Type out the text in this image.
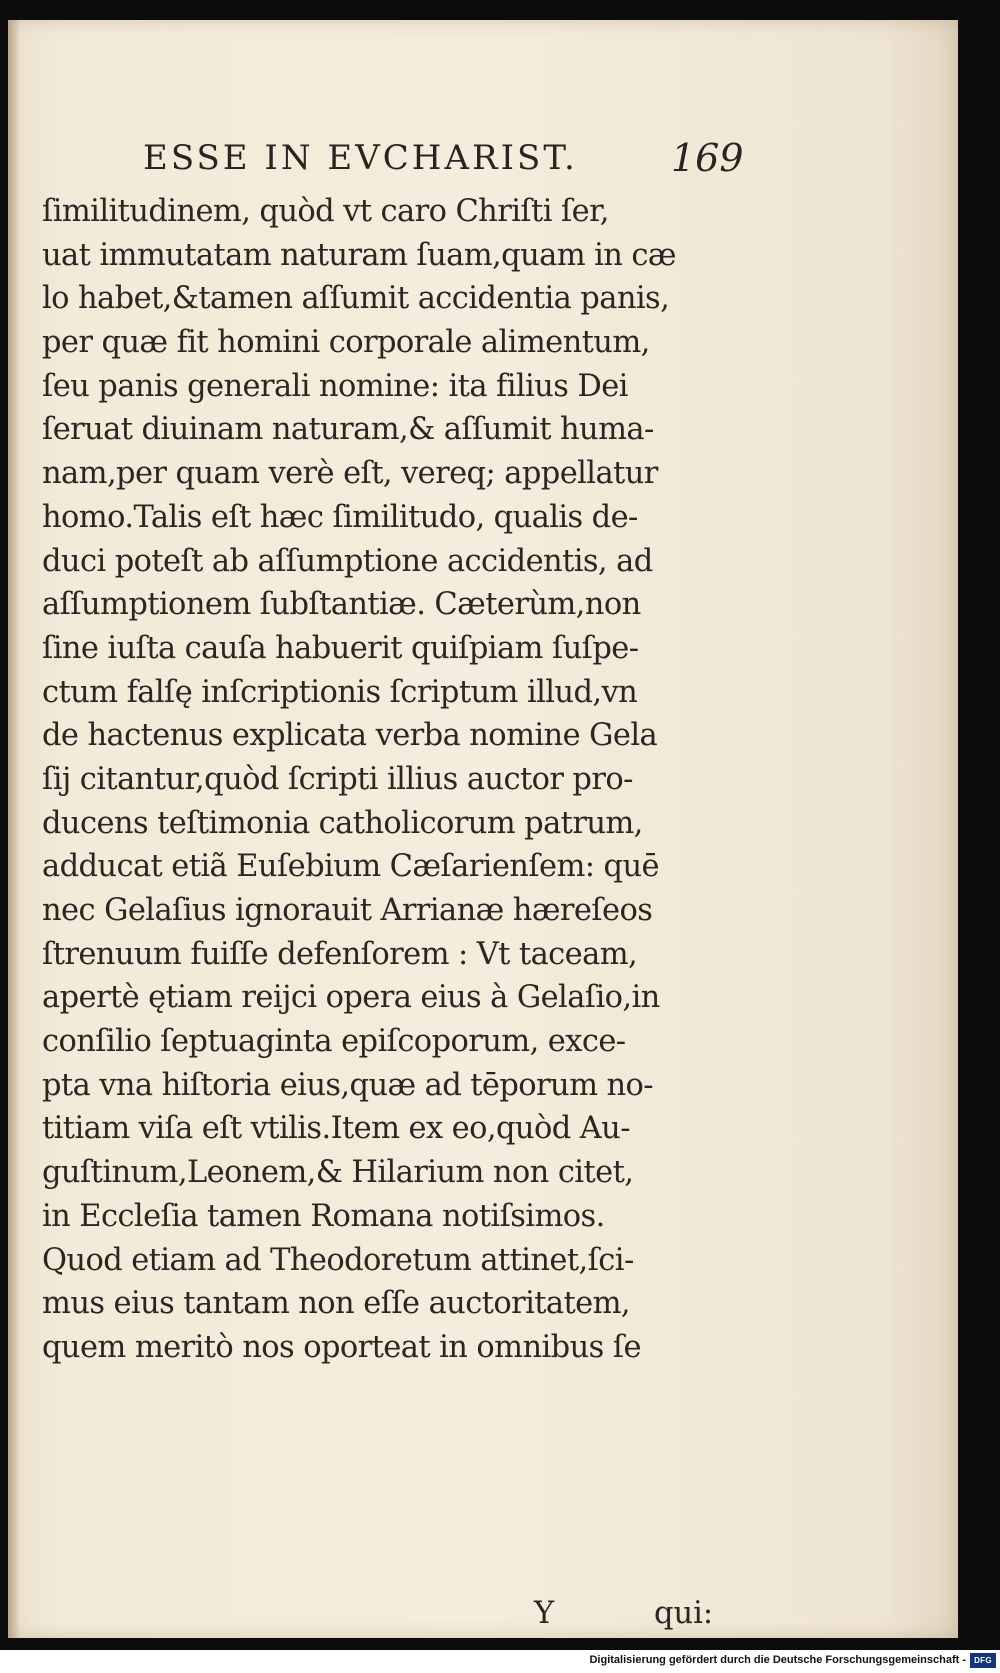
ESSE IN EVCHARIST. 169
ſimilitudinem, quòd vt caro Chriſti ſer,
uat immutatam naturam ſuam,quam in cæ
lo habet,&tamen aſſumit accidentia panis,
per quæ fit homini corporale alimentum,
ſeu panis generali nomine: ita filius Dei
ſeruat diuinam naturam,& aſſumit huma-
nam,per quam verè eſt, vereq; appellatur
homo.Talis eſt hæc ſimilitudo, qualis de-
duci poteſt ab aſſumptione accidentis, ad
aſſumptionem ſubſtantiæ. Cæterùm,non
ſine iuſta cauſa habuerit quiſpiam ſuſpe-
ctum falſę inſcriptionis ſcriptum illud,vn
de hactenus explicata verba nomine Gela
ſij citantur,quòd ſcripti illius auctor pro-
ducens teſtimonia catholicorum patrum,
adducat etiã Euſebium Cæſarienſem: quē
nec Gelaſius ignorauit Arrianæ hæreſeos
ſtrenuum fuiſſe defenſorem : Vt taceam,
apertè ętiam reijci opera eius à Gelaſio,in
conſilio ſeptuaginta epiſcoporum, exce-
pta vna hiſtoria eius,quæ ad tēporum no-
titiam viſa eſt vtilis.Item ex eo,quòd Au-
guſtinum,Leonem,& Hilarium non citet,
in Eccleſia tamen Romana notiſsimos.
Quod etiam ad Theodoretum attinet,ſci-
mus eius tantam non eſſe auctoritatem,
quem meritò nos oporteat in omnibus ſe
Y	qui:
Digitalisierung gefördert durch die Deutsche Forschungsgemeinschaft -	DFG
